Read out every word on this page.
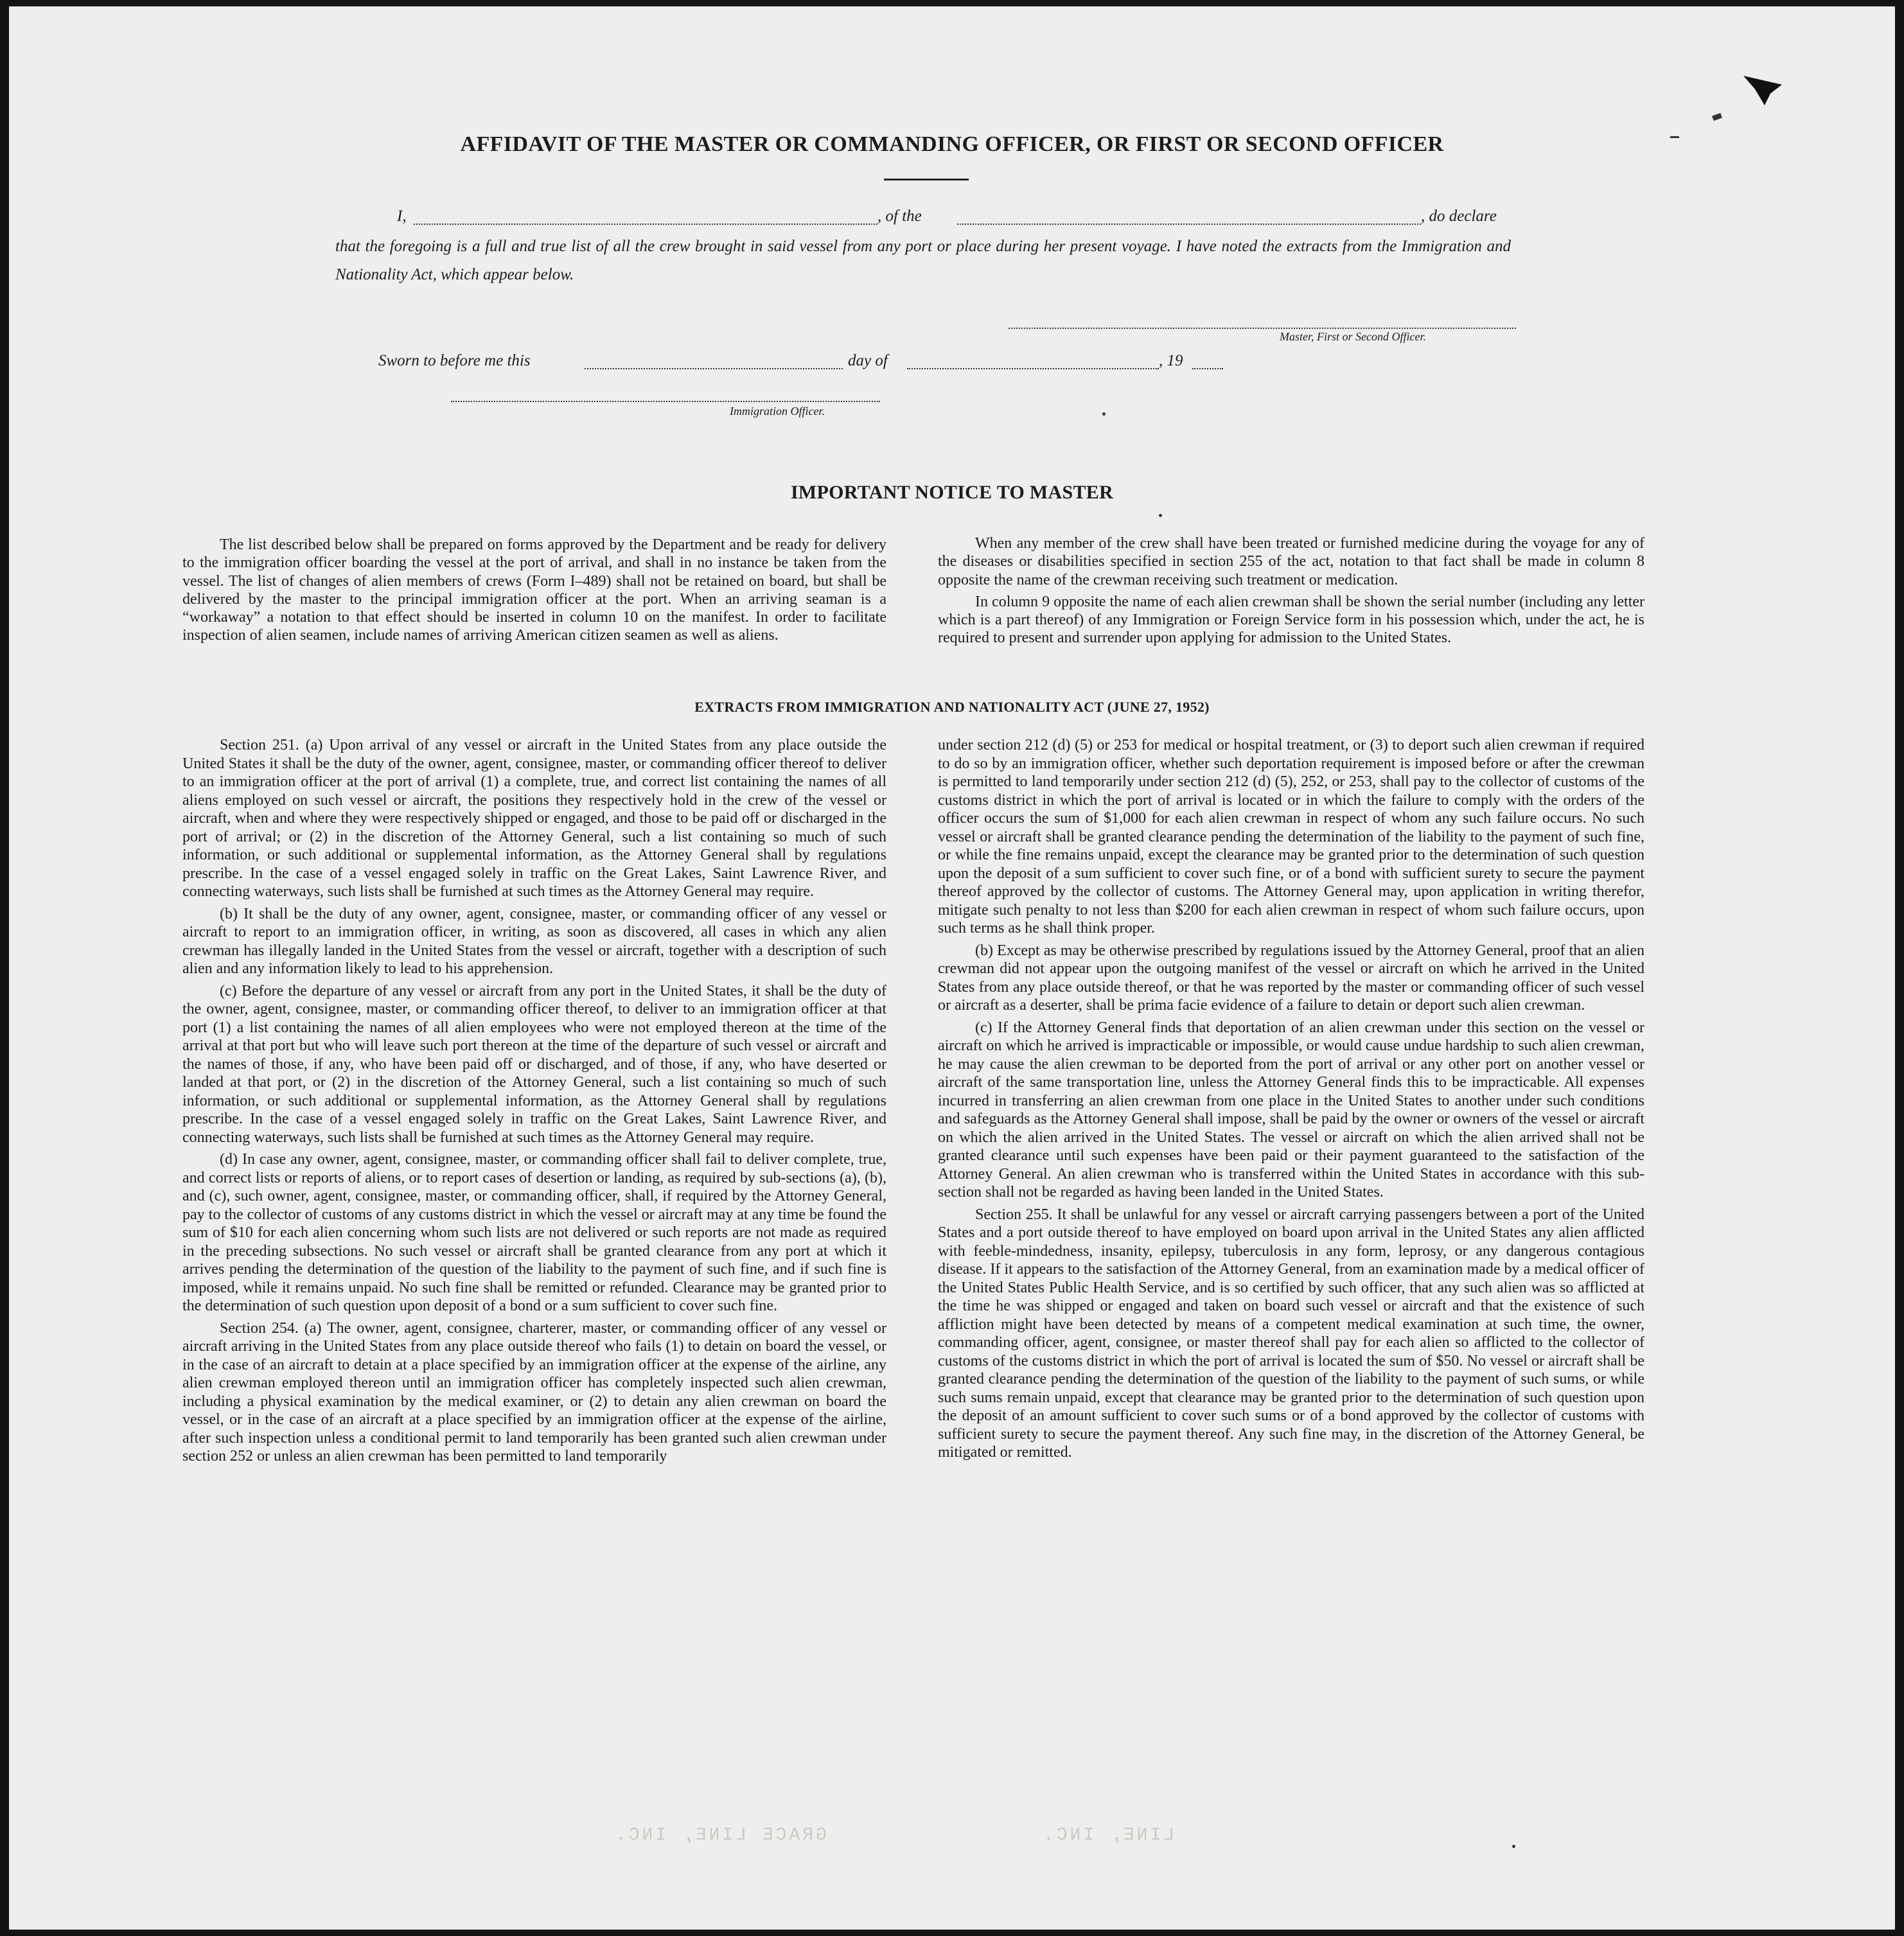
AFFIDAVIT OF THE MASTER OR COMMANDING OFFICER, OR FIRST OR SECOND OFFICER
I,	, of the	, do declare
that the foregoing is a full and true list of all the crew brought in said vessel from any port or place during her present voyage. I have noted the extracts from the Immigration and Nationality Act, which appear below.
Master, First or Second Officer.
Sworn to before me this	day of	, 19
Immigration Officer.
IMPORTANT NOTICE TO MASTER

The list described below shall be prepared on forms approved by the Department and be ready for delivery to the immigration officer boarding the vessel at the port of arrival, and shall in no instance be taken from the vessel. The list of changes of alien members of crews (Form I–489) shall not be retained on board, but shall be delivered by the master to the principal immigration officer at the port. When an arriving seaman is a “workaway” a notation to that effect should be inserted in column 10 on the manifest. In order to facilitate inspection of alien seamen, include names of arriving American citizen seamen as well as aliens.

When any member of the crew shall have been treated or furnished medicine during the voyage for any of the diseases or disabilities specified in section 255 of the act, notation to that fact shall be made in column 8 opposite the name of the crewman receiving such treatment or medication.

In column 9 opposite the name of each alien crewman shall be shown the serial number (including any letter which is a part thereof) of any Immigration or Foreign Service form in his possession which, under the act, he is required to present and surrender upon applying for admission to the United States.

EXTRACTS FROM IMMIGRATION AND NATIONALITY ACT (JUNE 27, 1952)

Section 251. (a) Upon arrival of any vessel or aircraft in the United States from any place outside the United States it shall be the duty of the owner, agent, consignee, master, or commanding officer thereof to deliver to an immigration officer at the port of arrival (1) a complete, true, and correct list containing the names of all aliens employed on such vessel or aircraft, the positions they respectively hold in the crew of the vessel or aircraft, when and where they were respectively shipped or engaged, and those to be paid off or discharged in the port of arrival; or (2) in the discretion of the Attorney General, such a list containing so much of such information, or such additional or supplemental information, as the Attorney General shall by regulations prescribe. In the case of a vessel engaged solely in traffic on the Great Lakes, Saint Lawrence River, and connecting waterways, such lists shall be furnished at such times as the Attorney General may require.

(b) It shall be the duty of any owner, agent, consignee, master, or commanding officer of any vessel or aircraft to report to an immigration officer, in writing, as soon as discovered, all cases in which any alien crewman has illegally landed in the United States from the vessel or aircraft, together with a description of such alien and any information likely to lead to his apprehension.

(c) Before the departure of any vessel or aircraft from any port in the United States, it shall be the duty of the owner, agent, consignee, master, or commanding officer thereof, to deliver to an immigration officer at that port (1) a list containing the names of all alien employees who were not employed thereon at the time of the arrival at that port but who will leave such port thereon at the time of the departure of such vessel or aircraft and the names of those, if any, who have been paid off or discharged, and of those, if any, who have deserted or landed at that port, or (2) in the discretion of the Attorney General, such a list containing so much of such information, or such additional or supplemental information, as the Attorney General shall by regulations prescribe. In the case of a vessel engaged solely in traffic on the Great Lakes, Saint Lawrence River, and connecting waterways, such lists shall be furnished at such times as the Attorney General may require.

(d) In case any owner, agent, consignee, master, or commanding officer shall fail to deliver complete, true, and correct lists or reports of aliens, or to report cases of desertion or landing, as required by sub-sections (a), (b), and (c), such owner, agent, consignee, master, or commanding officer, shall, if required by the Attorney General, pay to the collector of customs of any customs district in which the vessel or aircraft may at any time be found the sum of $10 for each alien concerning whom such lists are not delivered or such reports are not made as required in the preceding subsections. No such vessel or aircraft shall be granted clearance from any port at which it arrives pending the determination of the question of the liability to the payment of such fine, and if such fine is imposed, while it remains unpaid. No such fine shall be remitted or refunded. Clearance may be granted prior to the determination of such question upon deposit of a bond or a sum sufficient to cover such fine.

Section 254. (a) The owner, agent, consignee, charterer, master, or commanding officer of any vessel or aircraft arriving in the United States from any place outside thereof who fails (1) to detain on board the vessel, or in the case of an aircraft to detain at a place specified by an immigration officer at the expense of the airline, any alien crewman employed thereon until an immigration officer has completely inspected such alien crewman, including a physical examination by the medical examiner, or (2) to detain any alien crewman on board the vessel, or in the case of an aircraft at a place specified by an immigration officer at the expense of the airline, after such inspection unless a conditional permit to land temporarily has been granted such alien crewman under section 252 or unless an alien crewman has been permitted to land temporarily

under section 212 (d) (5) or 253 for medical or hospital treatment, or (3) to deport such alien crewman if required to do so by an immigration officer, whether such deportation requirement is imposed before or after the crewman is permitted to land temporarily under section 212 (d) (5), 252, or 253, shall pay to the collector of customs of the customs district in which the port of arrival is located or in which the failure to comply with the orders of the officer occurs the sum of $1,000 for each alien crewman in respect of whom any such failure occurs. No such vessel or aircraft shall be granted clearance pending the determination of the liability to the payment of such fine, or while the fine remains unpaid, except the clearance may be granted prior to the determination of such question upon the deposit of a sum sufficient to cover such fine, or of a bond with sufficient surety to secure the payment thereof approved by the collector of customs. The Attorney General may, upon application in writing therefor, mitigate such penalty to not less than $200 for each alien crewman in respect of whom such failure occurs, upon such terms as he shall think proper.

(b) Except as may be otherwise prescribed by regulations issued by the Attorney General, proof that an alien crewman did not appear upon the outgoing manifest of the vessel or aircraft on which he arrived in the United States from any place outside thereof, or that he was reported by the master or commanding officer of such vessel or aircraft as a deserter, shall be prima facie evidence of a failure to detain or deport such alien crewman.

(c) If the Attorney General finds that deportation of an alien crewman under this section on the vessel or aircraft on which he arrived is impracticable or impossible, or would cause undue hardship to such alien crewman, he may cause the alien crewman to be deported from the port of arrival or any other port on another vessel or aircraft of the same transportation line, unless the Attorney General finds this to be impracticable. All expenses incurred in transferring an alien crewman from one place in the United States to another under such conditions and safeguards as the Attorney General shall impose, shall be paid by the owner or owners of the vessel or aircraft on which the alien arrived in the United States. The vessel or aircraft on which the alien arrived shall not be granted clearance until such expenses have been paid or their payment guaranteed to the satisfaction of the Attorney General. An alien crewman who is transferred within the United States in accordance with this sub-section shall not be regarded as having been landed in the United States.

Section 255. It shall be unlawful for any vessel or aircraft carrying passengers between a port of the United States and a port outside thereof to have employed on board upon arrival in the United States any alien afflicted with feeble-mindedness, insanity, epilepsy, tuberculosis in any form, leprosy, or any dangerous contagious disease. If it appears to the satisfaction of the Attorney General, from an examination made by a medical officer of the United States Public Health Service, and is so certified by such officer, that any such alien was so afflicted at the time he was shipped or engaged and taken on board such vessel or aircraft and that the existence of such affliction might have been detected by means of a competent medical examination at such time, the owner, commanding officer, agent, consignee, or master thereof shall pay for each alien so afflicted to the collector of customs of the customs district in which the port of arrival is located the sum of $50. No vessel or aircraft shall be granted clearance pending the determination of the question of the liability to the payment of such sums, or while such sums remain unpaid, except that clearance may be granted prior to the determination of such question upon the deposit of an amount sufficient to cover such sums or of a bond approved by the collector of customs with sufficient surety to secure the payment thereof. Any such fine may, in the discretion of the Attorney General, be mitigated or remitted.

GRACE LINE, INC.	LINE, INC.
